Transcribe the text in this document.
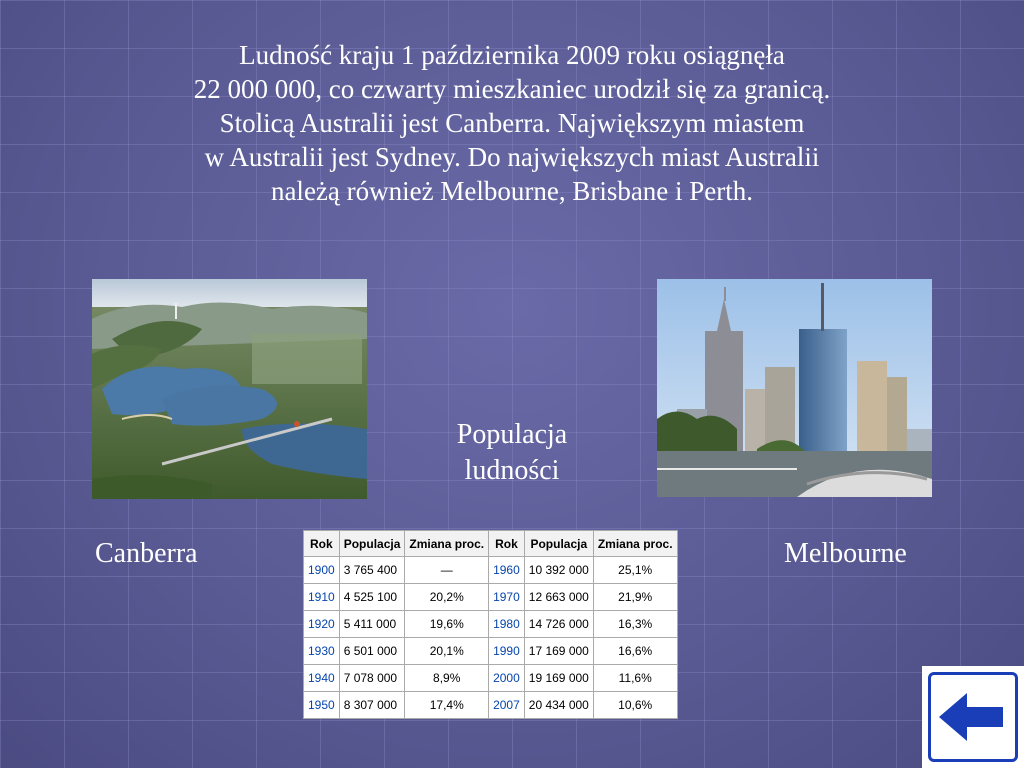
Ludność kraju 1 października 2009 roku osiągnęła
22 000 000, co czwarty mieszkaniec urodził się za granicą.
Stolicą Australii jest Canberra. Największym miastem
w Australii jest Sydney. Do największych miast Australii
należą również Melbourne, Brisbane i Perth.
Populacja
ludności
Canberra	Melbourne
Rok	Populacja	Zmiana proc.	Rok	Populacja	Zmiana proc.
1900	3 765 400	—	1960	10 392 000	25,1%
1910	4 525 100	20,2%	1970	12 663 000	21,9%
1920	5 411 000	19,6%	1980	14 726 000	16,3%
1930	6 501 000	20,1%	1990	17 169 000	16,6%
1940	7 078 000	8,9%	2000	19 169 000	11,6%
1950	8 307 000	17,4%	2007	20 434 000	10,6%
